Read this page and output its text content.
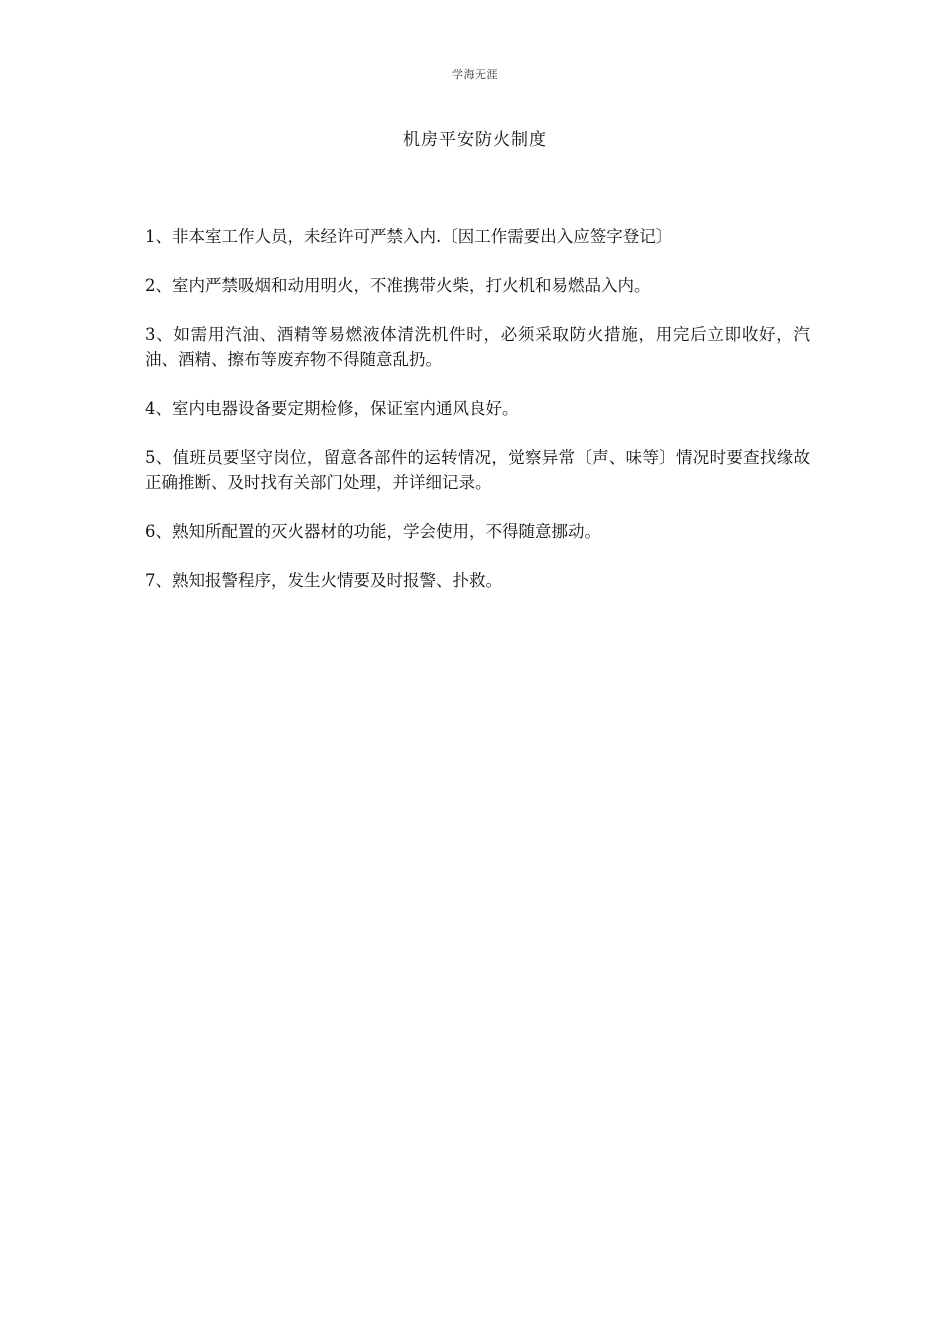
学海无涯
机房平安防火制度
1、非本室工作人员，未经许可严禁入内.〔因工作需要出入应签字登记〕
2、室内严禁吸烟和动用明火，不准携带火柴，打火机和易燃品入内。
3、如需用汽油、酒精等易燃液体清洗机件时，必须采取防火措施，用完后立即收好，汽油、酒精、擦布等废弃物不得随意乱扔。
4、室内电器设备要定期检修，保证室内通风良好。
5、值班员要坚守岗位，留意各部件的运转情况，觉察异常〔声、味等〕情况时要查找缘故正确推断、及时找有关部门处理，并详细记录。
6、熟知所配置的灭火器材的功能，学会使用，不得随意挪动。
7、熟知报警程序，发生火情要及时报警、扑救。
